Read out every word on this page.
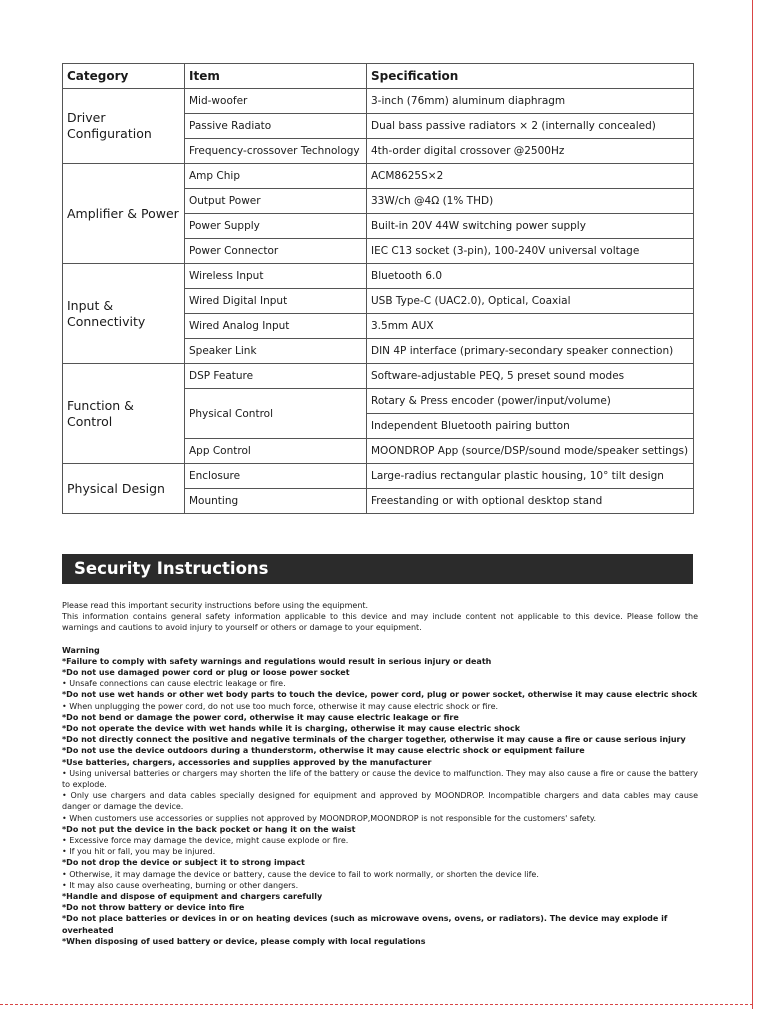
Category	Item	Specification
Driver
Configuration	Mid-woofer	3-inch (76mm) aluminum diaphragm
	Passive Radiato	Dual bass passive radiators × 2 (internally concealed)
	Frequency-crossover Technology	4th-order digital crossover @2500Hz
Amplifier & Power	Amp Chip	ACM8625S×2
	Output Power	33W/ch @4Ω (1% THD)
	Power Supply	Built-in 20V 44W switching power supply
	Power Connector	IEC C13 socket (3-pin), 100-240V universal voltage
Input &
Connectivity	Wireless Input	Bluetooth 6.0
	Wired Digital Input	USB Type-C (UAC2.0), Optical, Coaxial
	Wired Analog Input	3.5mm AUX
	Speaker Link	DIN 4P interface (primary-secondary speaker connection)
Function &
Control	DSP Feature	Software-adjustable PEQ, 5 preset sound modes
	Physical Control	Rotary & Press encoder (power/input/volume)
		Independent Bluetooth pairing button
	App Control	MOONDROP App (source/DSP/sound mode/speaker settings)
Physical Design	Enclosure	Large-radius rectangular plastic housing, 10° tilt design
	Mounting	Freestanding or with optional desktop stand
Security Instructions

Please read this important security instructions before using the equipment.

This information contains general safety information applicable to this device and may include content not applicable to this device. Please follow the warnings and cautions to avoid injury to yourself or others or damage to your equipment.

Warning

*Failure to comply with safety warnings and regulations would result in serious injury or death

*Do not use damaged power cord or plug or loose power socket

• Unsafe connections can cause electric leakage or fire.

*Do not use wet hands or other wet body parts to touch the device, power cord, plug or power socket, otherwise it may cause electric shock

• When unplugging the power cord, do not use too much force, otherwise it may cause electric shock or fire.

*Do not bend or damage the power cord, otherwise it may cause electric leakage or fire

*Do not operate the device with wet hands while it is charging, otherwise it may cause electric shock

*Do not directly connect the positive and negative terminals of the charger together, otherwise it may cause a fire or cause serious injury

*Do not use the device outdoors during a thunderstorm, otherwise it may cause electric shock or equipment failure

*Use batteries, chargers, accessories and supplies approved by the manufacturer

• Using universal batteries or chargers may shorten the life of the battery or cause the device to malfunction. They may also cause a fire or cause the battery to explode.

• Only use chargers and data cables specially designed for equipment and approved by MOONDROP. Incompatible chargers and data cables may cause danger or damage the device.

• When customers use accessories or supplies not approved by MOONDROP,MOONDROP is not responsible for the customers' safety.

*Do not put the device in the back pocket or hang it on the waist

• Excessive force may damage the device, might cause explode or fire.

• If you hit or fall, you may be injured.

*Do not drop the device or subject it to strong impact

• Otherwise, it may damage the device or battery, cause the device to fail to work normally, or shorten the device life.

• It may also cause overheating, burning or other dangers.

*Handle and dispose of equipment and chargers carefully

*Do not throw battery or device into fire

*Do not place batteries or devices in or on heating devices (such as microwave ovens, ovens, or radiators). The device may explode if overheated

*When disposing of used battery or device, please comply with local regulations
